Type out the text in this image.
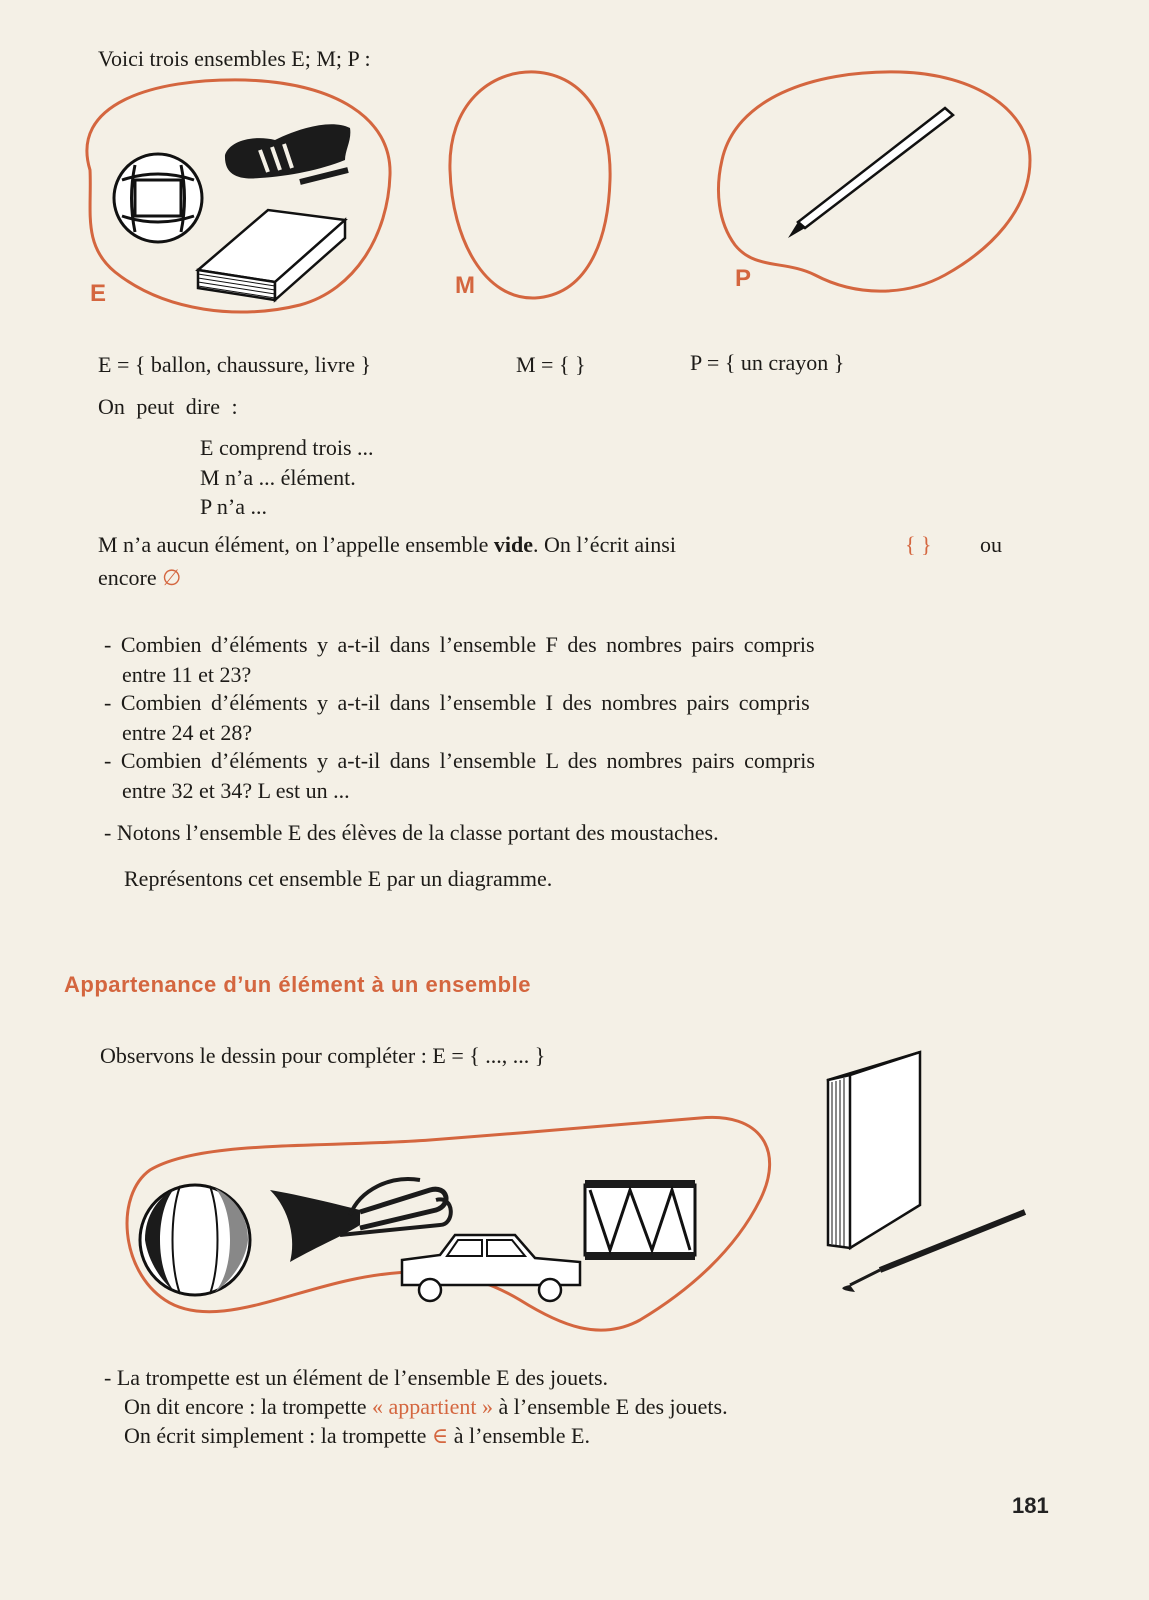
E	M	P
Voici trois ensembles E; M; P :
E = { ballon, chaussure, livre }	M = { }	P = { un crayon }
On peut dire :
E comprend trois ...
M n’a ... élément.
P n’a ...
M n’a aucun élément, on l’appelle ensemble vide. On l’écrit ainsi	{ } ou
encore ∅
- Combien d’éléments y a-t-il dans l’ensemble F des nombres pairs compris
entre 11 et 23?
- Combien d’éléments y a-t-il dans l’ensemble I des nombres pairs compris
entre 24 et 28?
- Combien d’éléments y a-t-il dans l’ensemble L des nombres pairs compris
entre 32 et 34? L est un ...
- Notons l’ensemble E des élèves de la classe portant des moustaches.
Représentons cet ensemble E par un diagramme.
Appartenance d’un élément à un ensemble
Observons le dessin pour compléter : E = { ..., ... }
- La trompette est un élément de l’ensemble E des jouets.
On dit encore : la trompette « appartient » à l’ensemble E des jouets.
On écrit simplement : la trompette ∈ à l’ensemble E.
181
